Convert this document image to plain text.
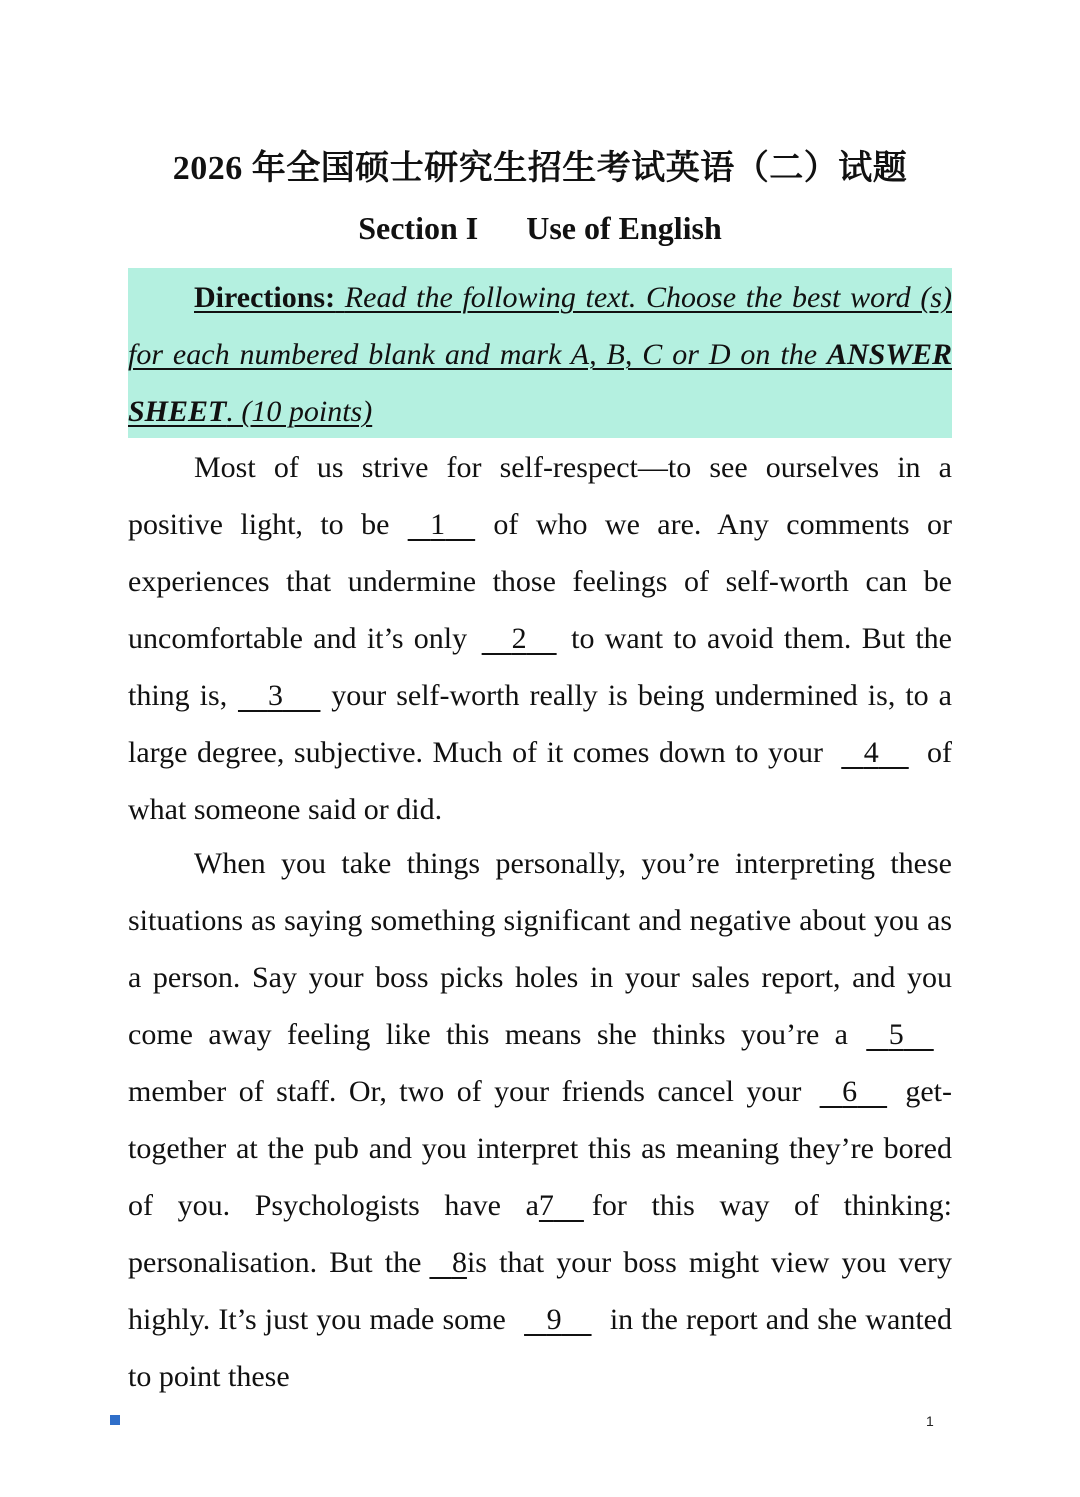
2026 年全国硕士研究生招生考试英语（二）试题
Section I Use of English
Directions: Read the following text. Choose the best word (s) for each numbered blank and mark A, B, C or D on the ANSWER SHEET. (10 points)
Most of us strive for self-respect—to see ourselves in a positive light, to be 1 of who we are. Any comments or experiences that undermine those feelings of self-worth can be uncomfortable and it’s only 2 to want to avoid them. But the thing is, 3 your self-worth really is being undermined is, to a large degree, subjective. Much of it comes down to your 4 of what someone said or did.
When you take things personally, you’re interpreting these situations as saying something significant and negative about you as a person. Say your boss picks holes in your sales report, and you come away feeling like this means she thinks you’re a 5    member of staff. Or, two of your friends cancel your 6 get-together at the pub and you interpret this as meaning they’re bored of you. Psychologists have a7 for this way of thinking: personalisation. But the 8is that your boss might view you very highly. It’s just you made some 9 in the report and she wanted to point these
1
